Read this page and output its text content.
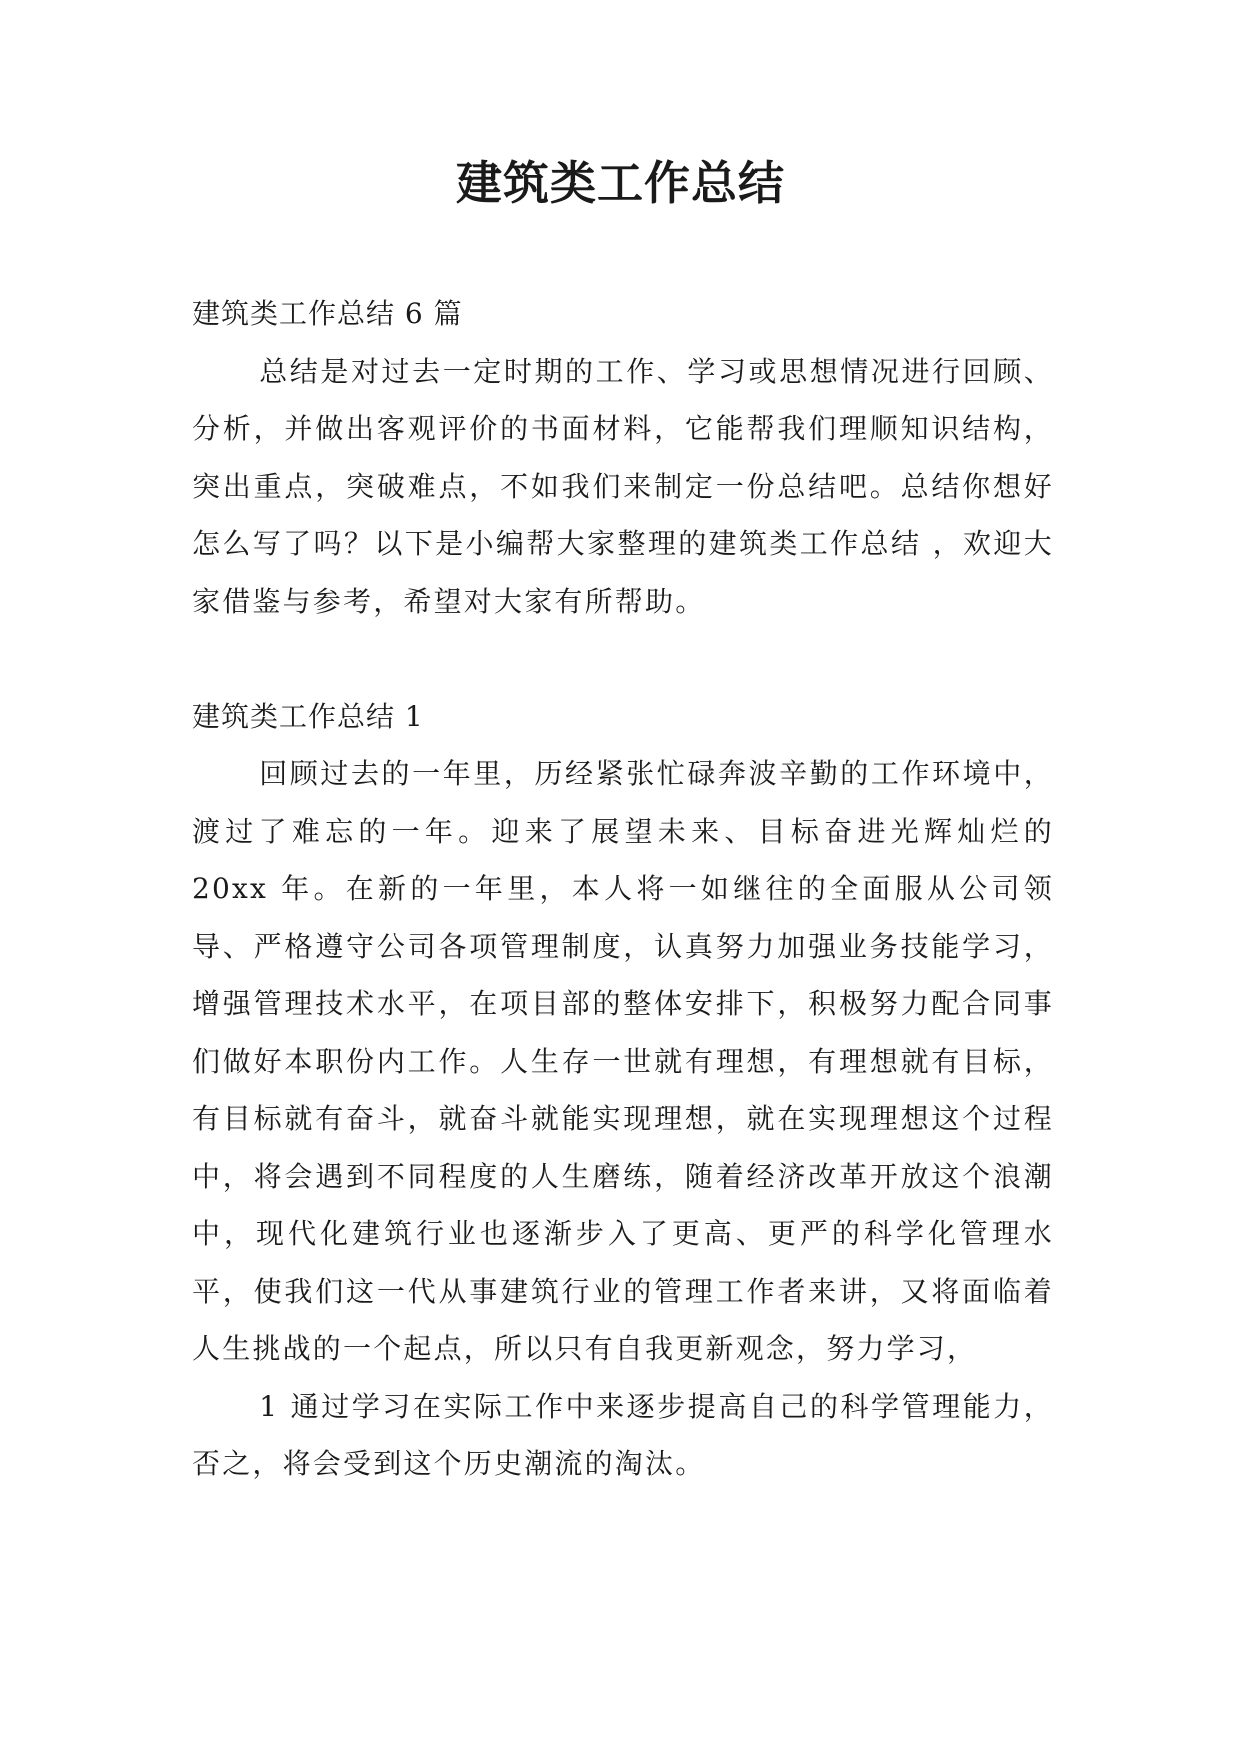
建筑类工作总结

建筑类工作总结 6 篇

总结是对过去一定时期的工作、学习或思想情况进行回顾、分析，并做出客观评价的书面材料，它能帮我们理顺知识结构，突出重点，突破难点，不如我们来制定一份总结吧。总结你想好怎么写了吗？以下是小编帮大家整理的建筑类工作总结 ，欢迎大家借鉴与参考，希望对大家有所帮助。

建筑类工作总结 1

回顾过去的一年里，历经紧张忙碌奔波辛勤的工作环境中，渡过了难忘的一年。迎来了展望未来、目标奋进光辉灿烂的 20xx 年。在新的一年里，本人将一如继往的全面服从公司领导、严格遵守公司各项管理制度，认真努力加强业务技能学习，增强管理技术水平，在项目部的整体安排下，积极努力配合同事们做好本职份内工作。人生存一世就有理想，有理想就有目标，有目标就有奋斗，就奋斗就能实现理想，就在实现理想这个过程中，将会遇到不同程度的人生磨练，随着经济改革开放这个浪潮中，现代化建筑行业也逐渐步入了更高、更严的科学化管理水平，使我们这一代从事建筑行业的管理工作者来讲，又将面临着人生挑战的一个起点，所以只有自我更新观念，努力学习，

1 通过学习在实际工作中来逐步提高自己的科学管理能力，否之，将会受到这个历史潮流的淘汰。
